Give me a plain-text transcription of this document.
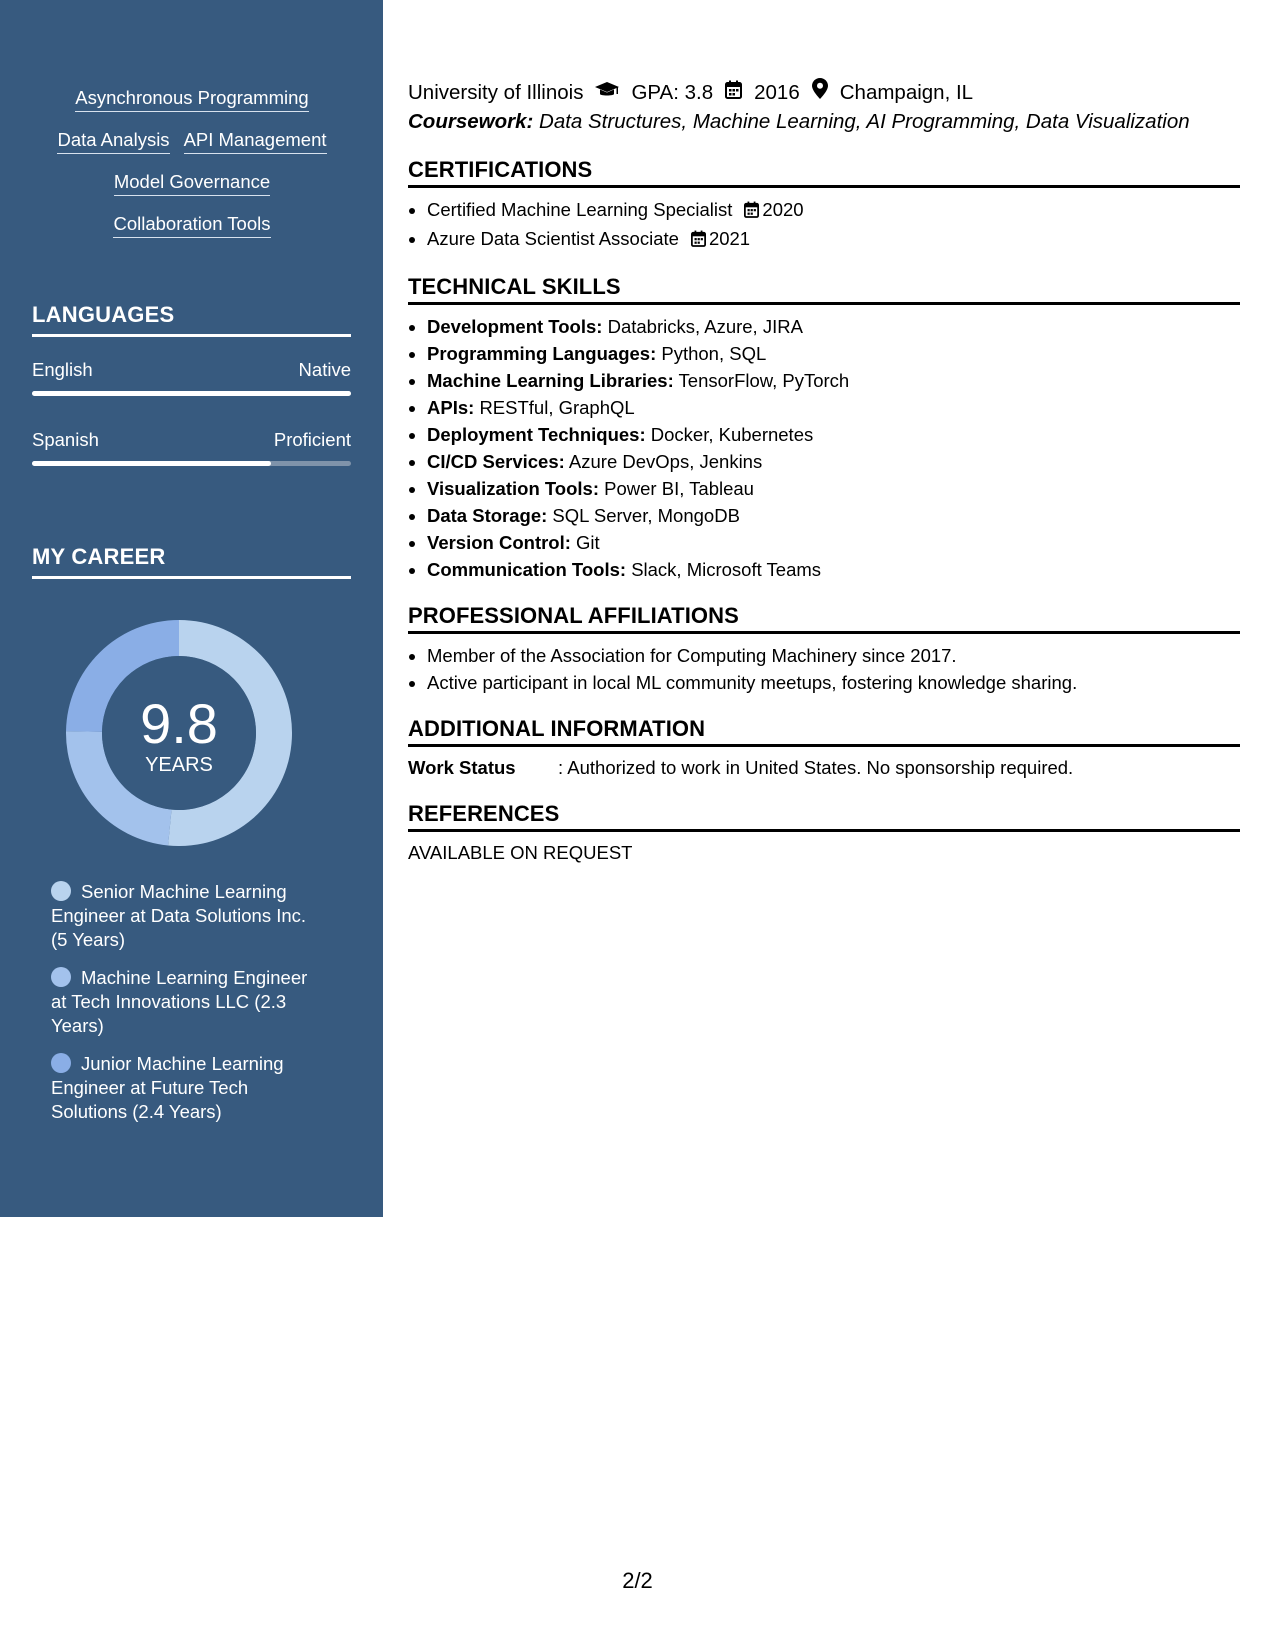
Asynchronous Programming
Data Analysis API Management
Model Governance
Collaboration Tools
LANGUAGES
English	Native
Spanish	Proficient
MY CAREER
9.8
YEARS
Senior Machine Learning Engineer at Data Solutions Inc. (5 Years)
Machine Learning Engineer at Tech Innovations LLC (2.3 Years)
Junior Machine Learning Engineer at Future Tech Solutions (2.4 Years)
University of Illinois GPA: 3.8 2016 Champaign, IL
Coursework: Data Structures, Machine Learning, AI Programming, Data Visualization
CERTIFICATIONS
• Certified Machine Learning Specialist 2020
• Azure Data Scientist Associate 2021
TECHNICAL SKILLS
• Development Tools: Databricks, Azure, JIRA
• Programming Languages: Python, SQL
• Machine Learning Libraries: TensorFlow, PyTorch
• APIs: RESTful, GraphQL
• Deployment Techniques: Docker, Kubernetes
• CI/CD Services: Azure DevOps, Jenkins
• Visualization Tools: Power BI, Tableau
• Data Storage: SQL Server, MongoDB
• Version Control: Git
• Communication Tools: Slack, Microsoft Teams
PROFESSIONAL AFFILIATIONS
• Member of the Association for Computing Machinery since 2017.
• Active participant in local ML community meetups, fostering knowledge sharing.
ADDITIONAL INFORMATION
Work Status	: Authorized to work in United States. No sponsorship required.
REFERENCES
AVAILABLE ON REQUEST
2/2
